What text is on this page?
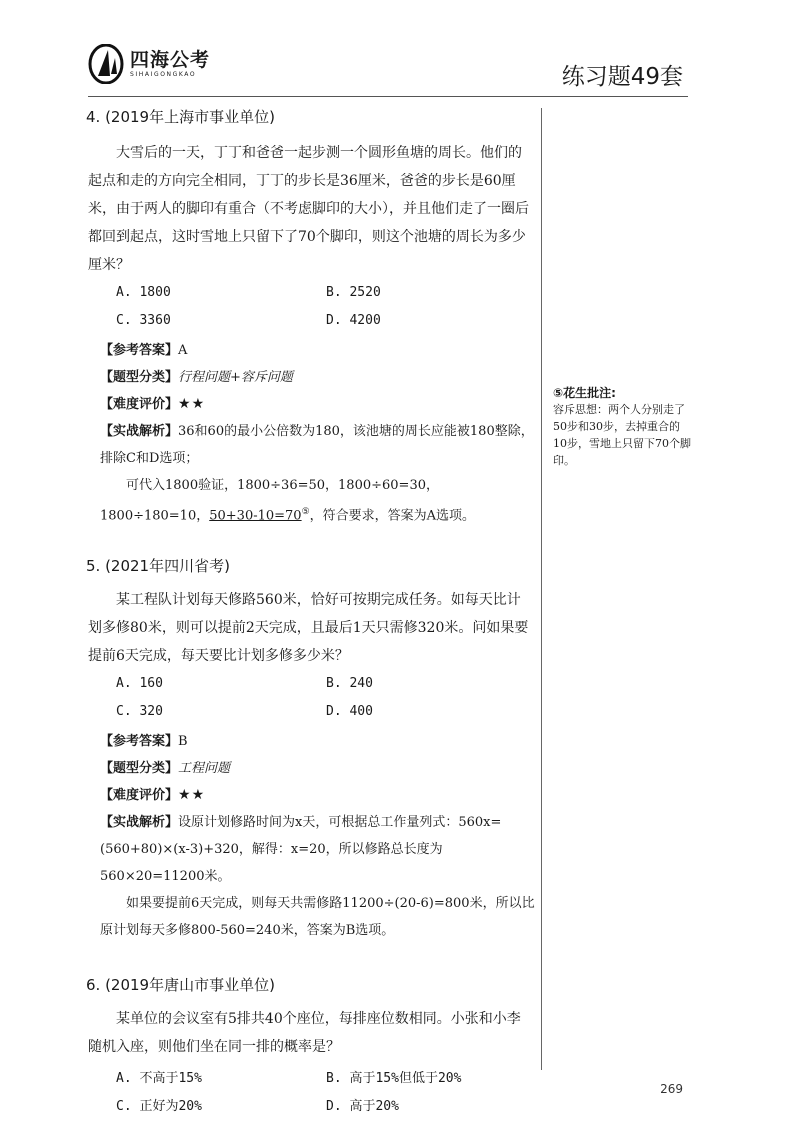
四海公考
SIHAIGONGKAO	练习题49套

4. (2019年上海市事业单位)

大雪后的一天，丁丁和爸爸一起步测一个圆形鱼塘的周长。他们的起点和走的方向完全相同，丁丁的步长是36厘米，爸爸的步长是60厘米，由于两人的脚印有重合（不考虑脚印的大小），并且他们走了一圈后都回到起点，这时雪地上只留下了70个脚印，则这个池塘的周长为多少厘米？

A. 1800	B. 2520
C. 3360	D. 4200
【参考答案】A
【题型分类】行程问题+容斥问题
【难度评价】★★

【实战解析】36和60的最小公倍数为180，该池塘的周长应能被180整除，排除C和D选项；

可代入1800验证，1800÷36=50，1800÷60=30，1800÷180=10，50+30-10=70⑤，符合要求，答案为A选项。

5. (2021年四川省考)

某工程队计划每天修路560米，恰好可按期完成任务。如每天比计划多修80米，则可以提前2天完成，且最后1天只需修320米。问如果要提前6天完成，每天要比计划多修多少米？

A. 160	B. 240
C. 320	D. 400
【参考答案】B
【题型分类】工程问题
【难度评价】★★

【实战解析】设原计划修路时间为x天，可根据总工作量列式：560x=(560+80)×(x-3)+320，解得：x=20，所以修路总长度为560×20=11200米。

如果要提前6天完成，则每天共需修路11200÷(20-6)=800米，所以比原计划每天多修800-560=240米，答案为B选项。

6. (2019年唐山市事业单位)

某单位的会议室有5排共40个座位，每排座位数相同。小张和小李随机入座，则他们坐在同一排的概率是？

A. 不高于15%	B. 高于15%但低于20%
C. 正好为20%	D. 高于20%
⑤花生批注:
容斥思想：两个人分别走了50步和30步，去掉重合的10步，雪地上只留下70个脚印。
269
